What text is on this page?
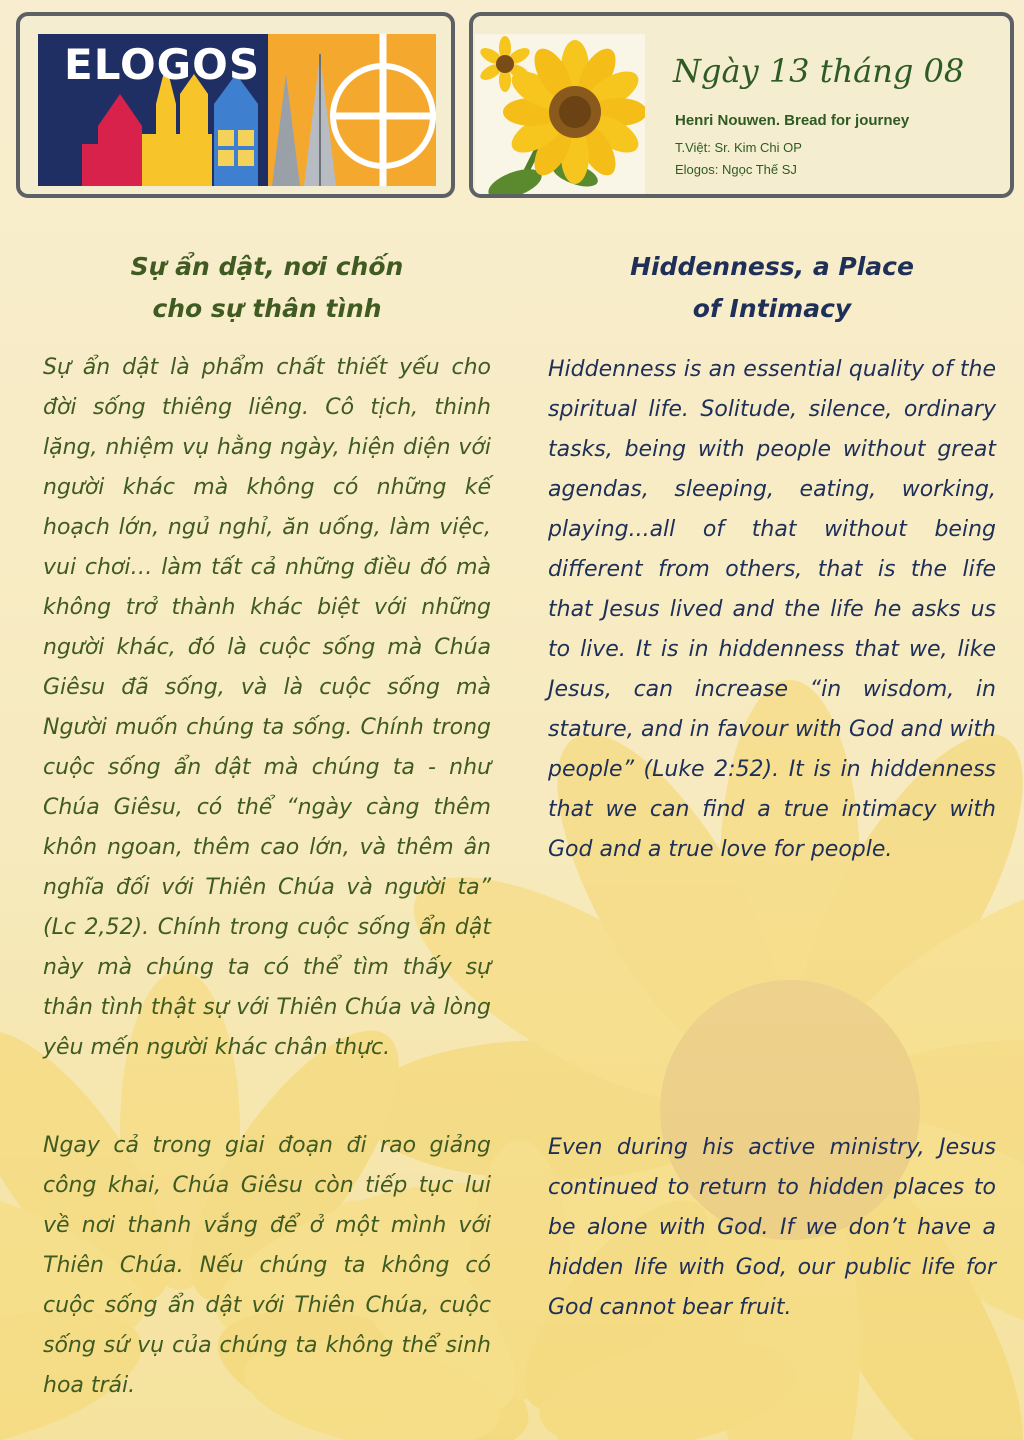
ELOGOS	Ngày 13 tháng 08
Henri Nouwen. Bread for journey
T.Việt: Sr. Kim Chi OP
Elogos: Ngọc Thế SJ
Sự ẩn dật, nơi chốn
cho sự thân tình
Hiddenness, a Place
of Intimacy

Sự ẩn dật là phẩm chất thiết yếu cho đời sống thiêng liêng. Cô tịch, thinh lặng, nhiệm vụ hằng ngày, hiện diện với người khác mà không có những kế hoạch lớn, ngủ nghỉ, ăn uống, làm việc, vui chơi… làm tất cả những điều đó mà không trở thành khác biệt với những người khác, đó là cuộc sống mà Chúa Giêsu đã sống, và là cuộc sống mà Người muốn chúng ta sống. Chính trong cuộc sống ẩn dật mà chúng ta - như Chúa Giêsu, có thể “ngày càng thêm khôn ngoan, thêm cao lớn, và thêm ân nghĩa đối với Thiên Chúa và người ta” (Lc 2,52). Chính trong cuộc sống ẩn dật này mà chúng ta có thể tìm thấy sự thân tình thật sự với Thiên Chúa và lòng yêu mến người khác chân thực.

Ngay cả trong giai đoạn đi rao giảng công khai, Chúa Giêsu còn tiếp tục lui về nơi thanh vắng để ở một mình với Thiên Chúa. Nếu chúng ta không có cuộc sống ẩn dật với Thiên Chúa, cuộc sống sứ vụ của chúng ta không thể sinh hoa trái.

Hiddenness is an essential quality of the spiritual life. Solitude, silence, ordinary tasks, being with people without great agendas, sleeping, eating, working, playing...all of that without being different from others, that is the life that Jesus lived and the life he asks us to live. It is in hiddenness that we, like Jesus, can increase “in wisdom, in stature, and in favour with God and with people” (Luke 2:52). It is in hiddenness that we can find a true intimacy with God and a true love for people.

Even during his active ministry, Jesus continued to return to hidden places to be alone with God. If we don’t have a hidden life with God, our public life for God cannot bear fruit.
